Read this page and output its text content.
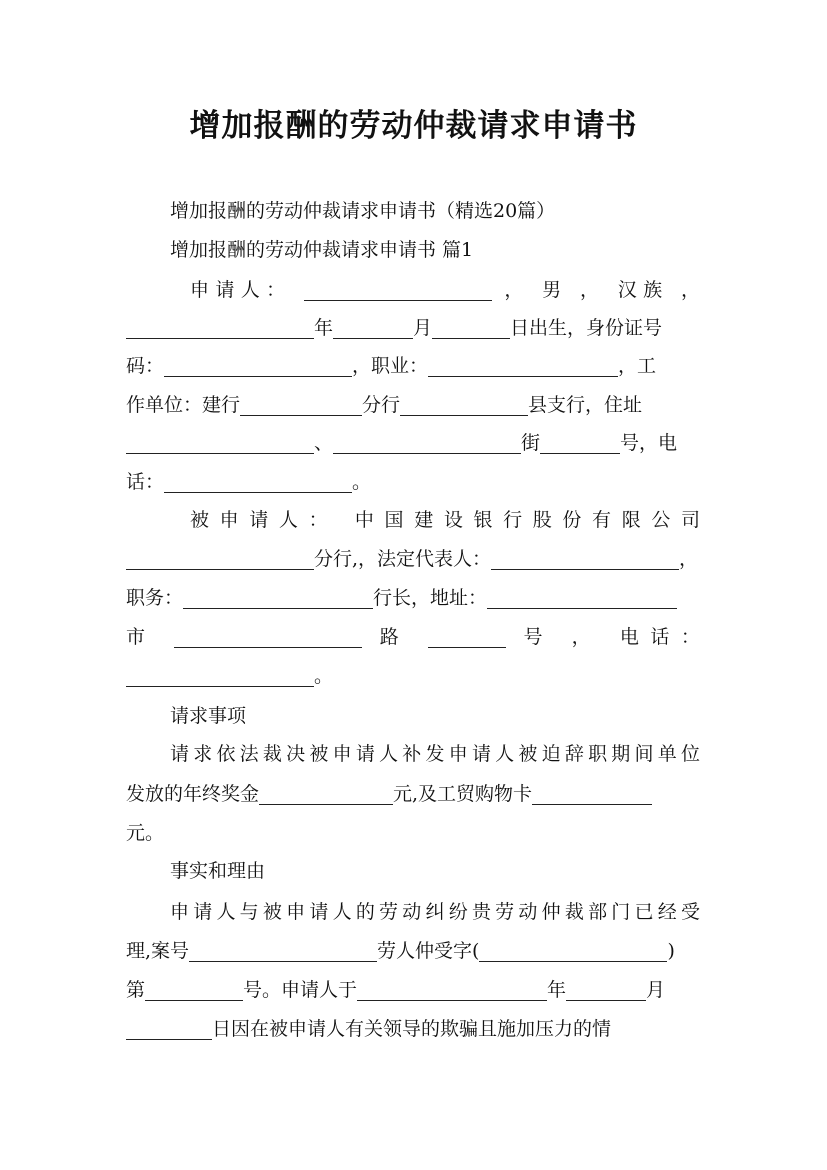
增加报酬的劳动仲裁请求申请书
增加报酬的劳动仲裁请求申请书（精选20篇）
增加报酬的劳动仲裁请求申请书 篇1
申请人：	， 男 ， 汉族 ，
年	月	日出生，身份证号
码：	，职业：	，工
作单位：建行	分行	县支行，住址
、	街	号，电
话：	。
被申请人： 中国建设银行股份有限公司
分行,，法定代表人：	，
职务：	行长，地址：
市	路	号 ， 电话：
。
请求事项
请求依法裁决被申请人补发申请人被迫辞职期间单位
发放的年终奖金	元,及工贸购物卡
元。
事实和理由
申请人与被申请人的劳动纠纷贵劳动仲裁部门已经受
理,案号	劳人仲受字(	)
第	号。申请人于	年	月
日因在被申请人有关领导的欺骗且施加压力的情
